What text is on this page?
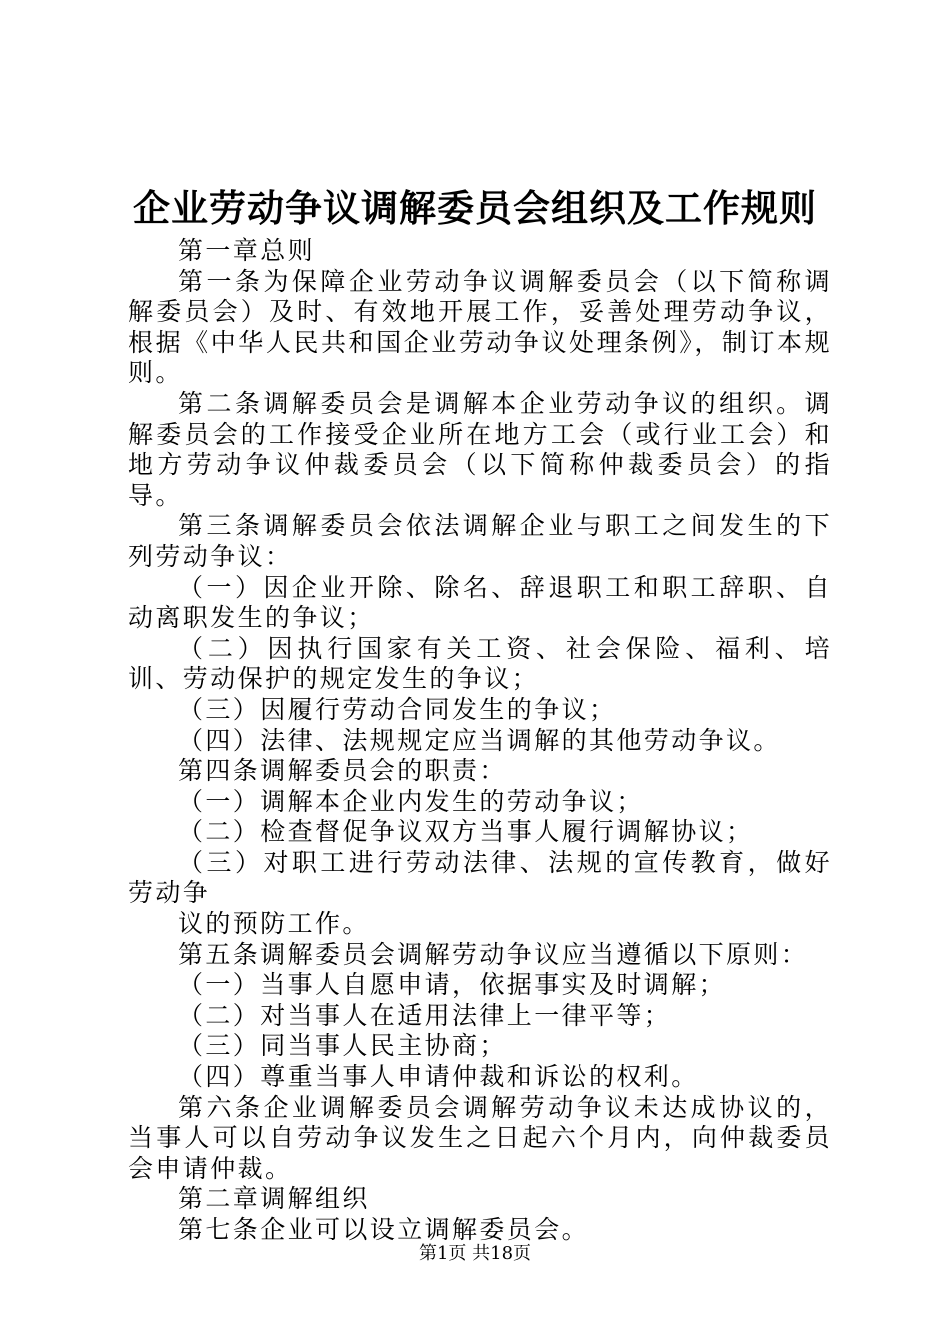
企业劳动争议调解委员会组织及工作规则

第一章总则

第一条为保障企业劳动争议调解委员会（以下简称调解委员会）及时、有效地开展工作，妥善处理劳动争议，根据《中华人民共和国企业劳动争议处理条例》，制订本规则。

第二条调解委员会是调解本企业劳动争议的组织。调解委员会的工作接受企业所在地方工会（或行业工会）和地方劳动争议仲裁委员会（以下简称仲裁委员会）的指导。

第三条调解委员会依法调解企业与职工之间发生的下列劳动争议：

（一）因企业开除、除名、辞退职工和职工辞职、自动离职发生的争议；

（二）因执行国家有关工资、社会保险、福利、培训、劳动保护的规定发生的争议；

（三）因履行劳动合同发生的争议；

（四）法律、法规规定应当调解的其他劳动争议。

第四条调解委员会的职责：

（一）调解本企业内发生的劳动争议；

（二）检查督促争议双方当事人履行调解协议；

（三）对职工进行劳动法律、法规的宣传教育，做好劳动争

议的预防工作。

第五条调解委员会调解劳动争议应当遵循以下原则：

（一）当事人自愿申请，依据事实及时调解；

（二）对当事人在适用法律上一律平等；

（三）同当事人民主协商；

（四）尊重当事人申请仲裁和诉讼的权利。

第六条企业调解委员会调解劳动争议未达成协议的，当事人可以自劳动争议发生之日起六个月内，向仲裁委员会申请仲裁。

第二章调解组织

第七条企业可以设立调解委员会。

第1页 共18页
